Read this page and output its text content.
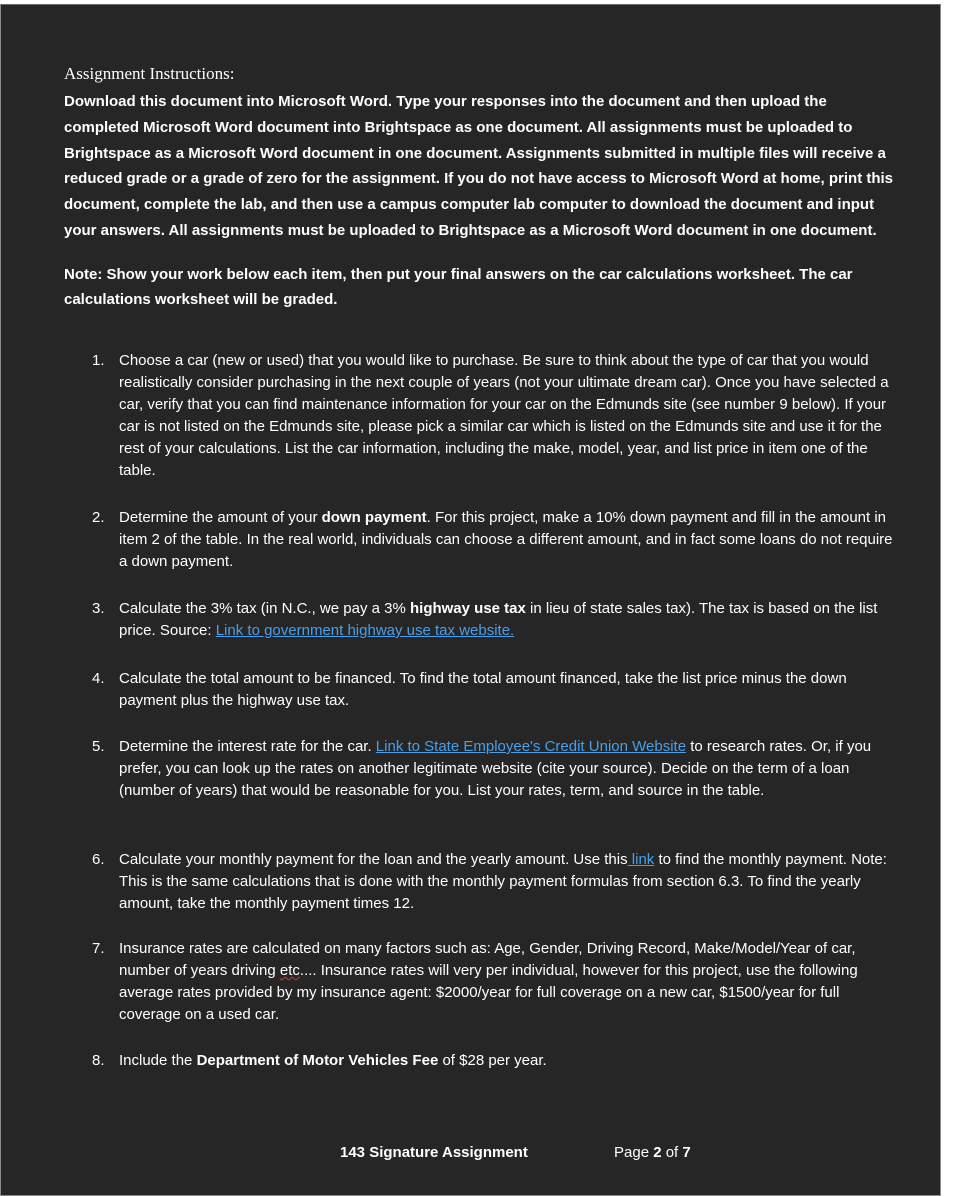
Assignment Instructions:

Download this document into Microsoft Word. Type your responses into the document and then upload the completed Microsoft Word document into Brightspace as one document. All assignments must be uploaded to Brightspace as a Microsoft Word document in one document. Assignments submitted in multiple files will receive a reduced grade or a grade of zero for the assignment. If you do not have access to Microsoft Word at home, print this document, complete the lab, and then use a campus computer lab computer to download the document and input your answers. All assignments must be uploaded to Brightspace as a Microsoft Word document in one document.

Note: Show your work below each item, then put your final answers on the car calculations worksheet. The car calculations worksheet will be graded.

1. Choose a car (new or used) that you would like to purchase. Be sure to think about the type of car that you would realistically consider purchasing in the next couple of years (not your ultimate dream car). Once you have selected a car, verify that you can find maintenance information for your car on the Edmunds site (see number 9 below). If your car is not listed on the Edmunds site, please pick a similar car which is listed on the Edmunds site and use it for the rest of your calculations. List the car information, including the make, model, year, and list price in item one of the table.
2. Determine the amount of your down payment. For this project, make a 10% down payment and fill in the amount in item 2 of the table. In the real world, individuals can choose a different amount, and in fact some loans do not require a down payment.
3. Calculate the 3% tax (in N.C., we pay a 3% highway use tax in lieu of state sales tax). The tax is based on the list price. Source: Link to government highway use tax website.
4. Calculate the total amount to be financed. To find the total amount financed, take the list price minus the down payment plus the highway use tax.
5. Determine the interest rate for the car. Link to State Employee's Credit Union Website to research rates. Or, if you prefer, you can look up the rates on another legitimate website (cite your source). Decide on the term of a loan (number of years) that would be reasonable for you. List your rates, term, and source in the table.
6. Calculate your monthly payment for the loan and the yearly amount. Use this link to find the monthly payment. Note: This is the same calculations that is done with the monthly payment formulas from section 6.3. To find the yearly amount, take the monthly payment times 12.
7. Insurance rates are calculated on many factors such as: Age, Gender, Driving Record, Make/Model/Year of car, number of years driving etc.... Insurance rates will very per individual, however for this project, use the following average rates provided by my insurance agent: $2000/year for full coverage on a new car, $1500/year for full coverage on a used car.
8. Include the Department of Motor Vehicles Fee of $28 per year.
143 Signature Assignment	Page 2 of 7
